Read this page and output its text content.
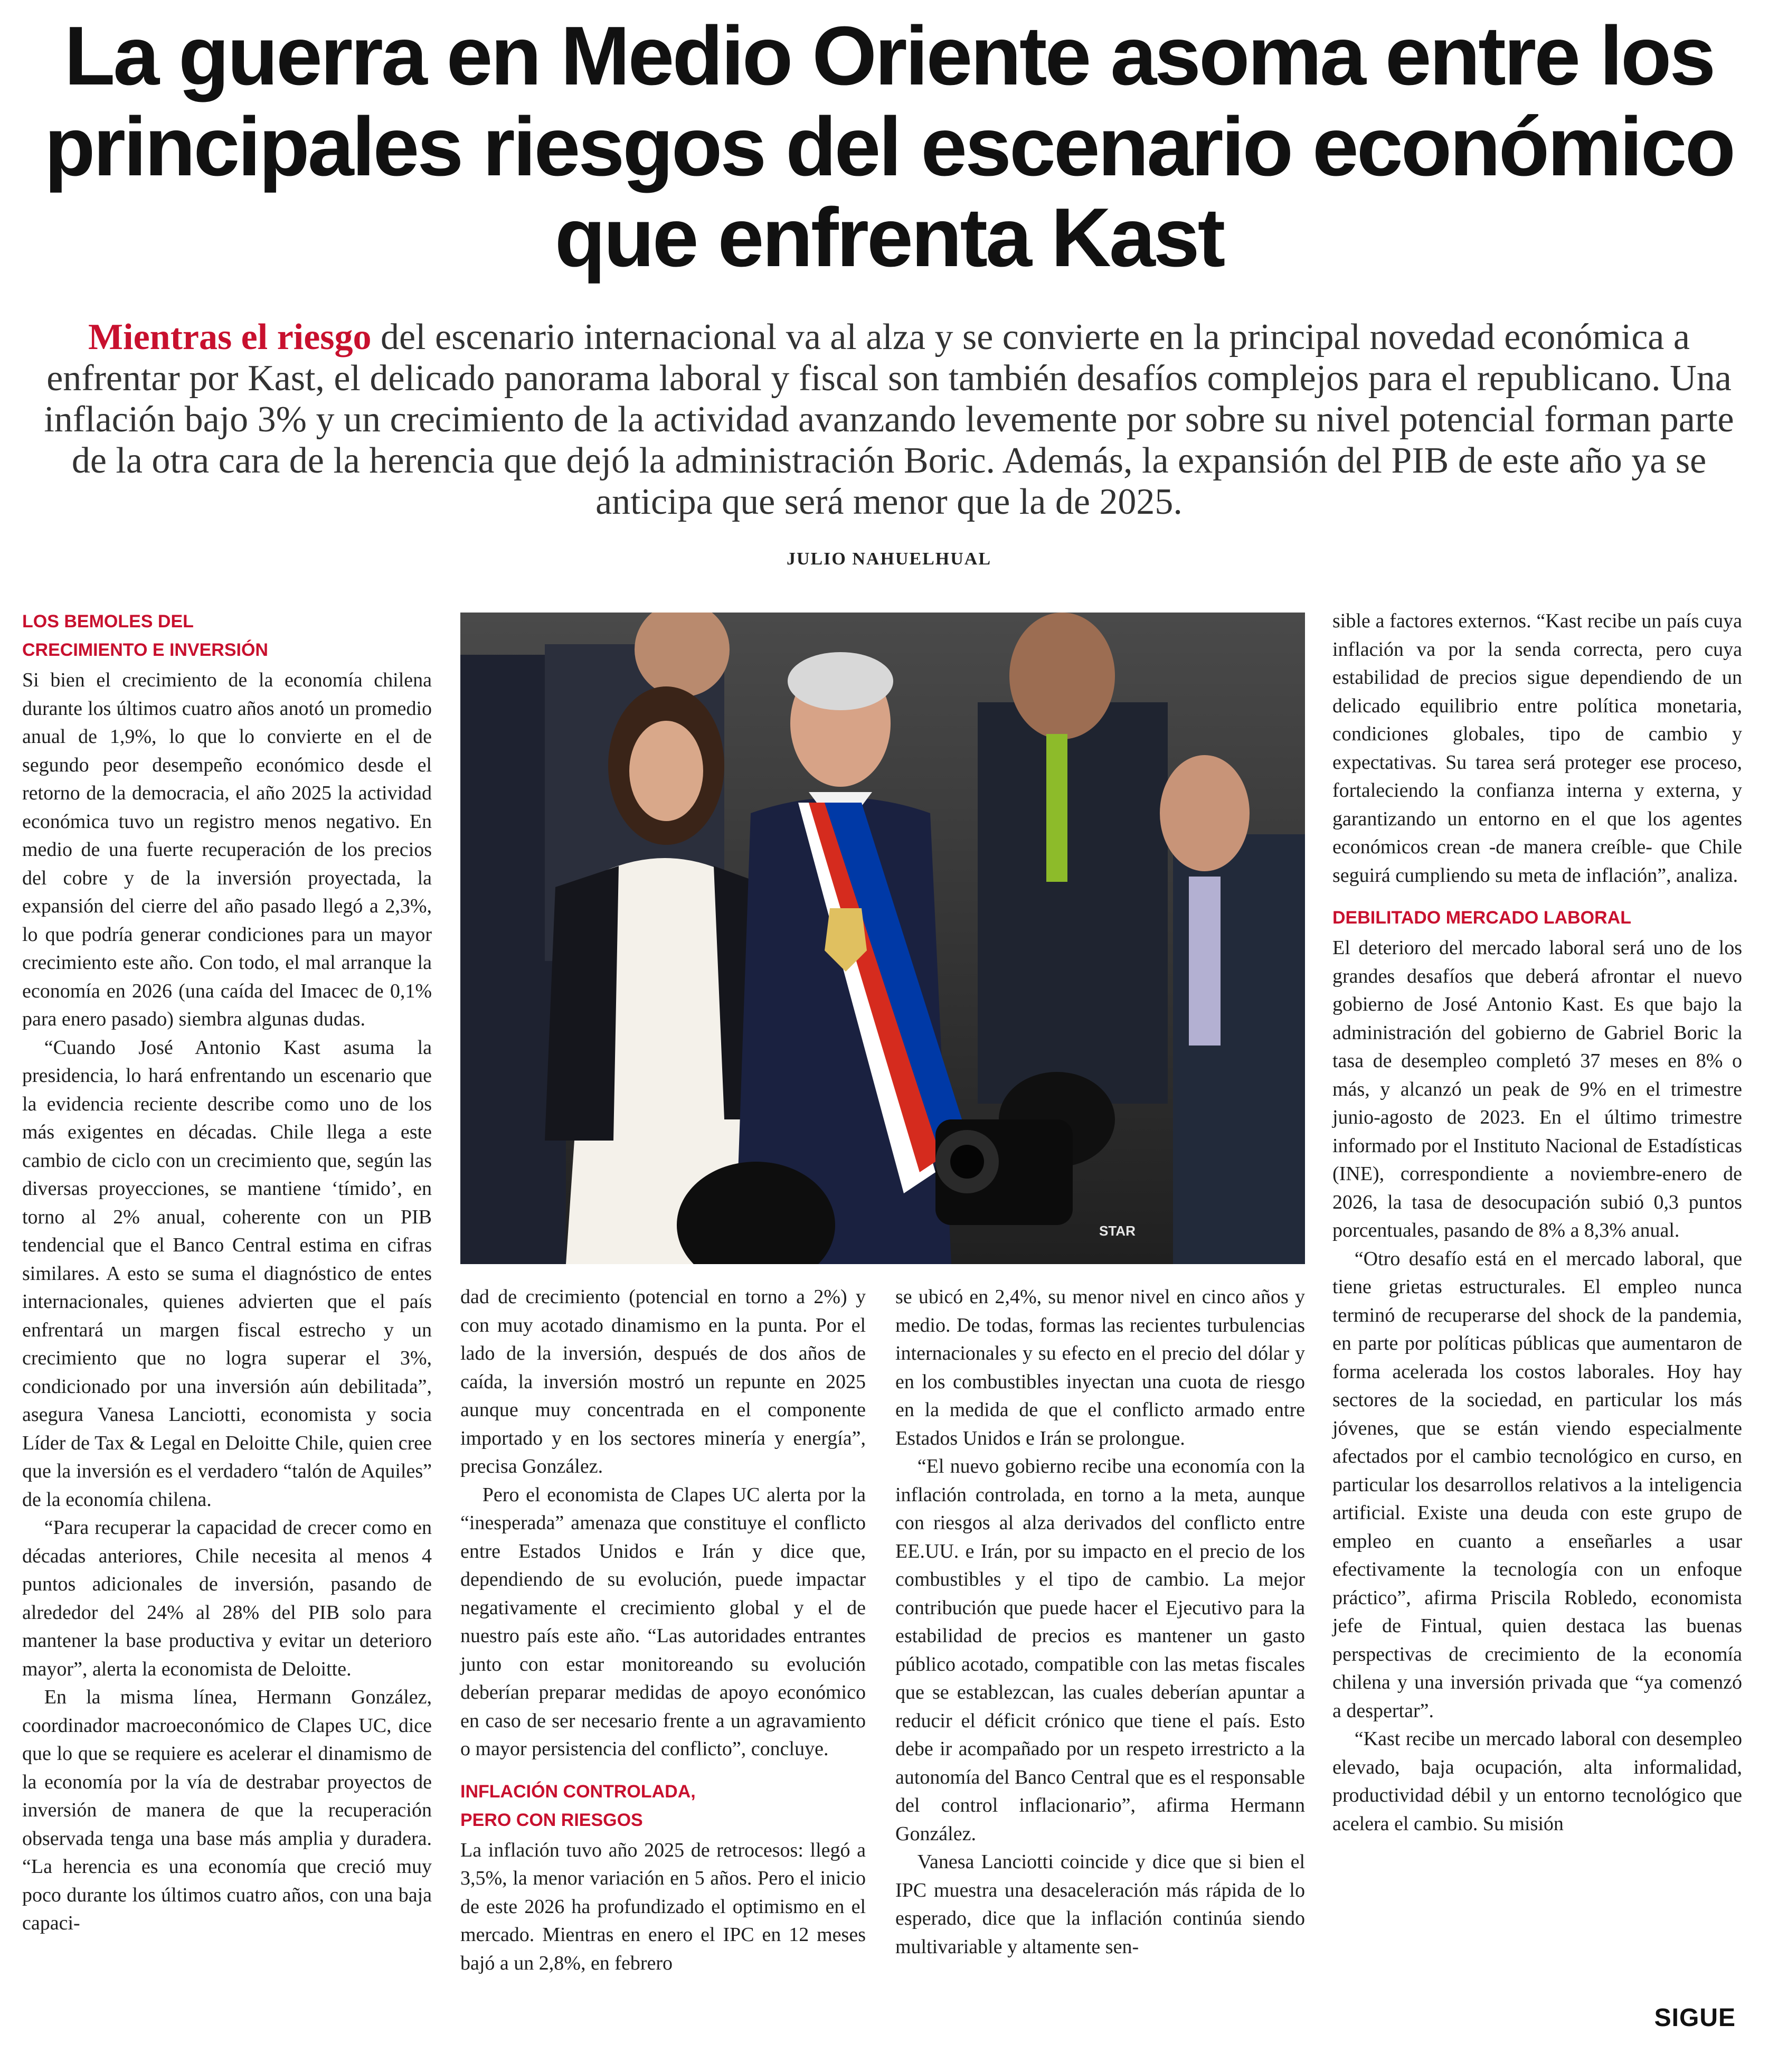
La guerra en Medio Oriente asoma entre los
principales riesgos del escenario económico
que enfrenta Kast

Mientras el riesgo del escenario internacional va al alza y se convierte en la principal novedad económica a enfrentar por Kast, el delicado panorama laboral y fiscal son también desafíos complejos para el republicano. Una inflación bajo 3% y un crecimiento de la actividad avanzando levemente por sobre su nivel potencial forman parte de la otra cara de la herencia que dejó la administración Boric. Además, la expansión del PIB de este año ya se anticipa que será menor que la de 2025.

JULIO NAHUELHUAL
LOS BEMOLES DEL
CRECIMIENTO E INVERSIÓN

Si bien el crecimiento de la economía chilena durante los últimos cuatro años anotó un promedio anual de 1,9%, lo que lo convierte en el de segundo peor desempeño económico desde el retorno de la democracia, el año 2025 la actividad económica tuvo un registro menos negativo. En medio de una fuerte recuperación de los precios del cobre y de la inversión proyectada, la expansión del cierre del año pasado llegó a 2,3%, lo que podría generar condiciones para un mayor crecimiento este año. Con todo, el mal arranque la economía en 2026 (una caída del Imacec de 0,1% para enero pasado) siembra algunas dudas.

“Cuando José Antonio Kast asuma la presidencia, lo hará enfrentando un escenario que la evidencia reciente describe como uno de los más exigentes en décadas. Chile llega a este cambio de ciclo con un crecimiento que, según las diversas proyecciones, se mantiene ‘tímido’, en torno al 2% anual, coherente con un PIB tendencial que el Banco Central estima en cifras similares. A esto se suma el diagnóstico de entes internacionales, quienes advierten que el país enfrentará un margen fiscal estrecho y un crecimiento que no logra superar el 3%, condicionado por una inversión aún debilitada”, asegura Vanesa Lanciotti, economista y socia Líder de Tax & Legal en Deloitte Chile, quien cree que la inversión es el verdadero “talón de Aquiles” de la economía chilena.

“Para recuperar la capacidad de crecer como en décadas anteriores, Chile necesita al menos 4 puntos adicionales de inversión, pasando de alrededor del 24% al 28% del PIB solo para mantener la base productiva y evitar un deterioro mayor”, alerta la economista de Deloitte.

En la misma línea, Hermann González, coordinador macroeconómico de Clapes UC, dice que lo que se requiere es acelerar el dinamismo de la economía por la vía de destrabar proyectos de inversión de manera de que la recuperación observada tenga una base más amplia y duradera. “La herencia es una economía que creció muy poco durante los últimos cuatro años, con una baja capaci-

STAR

dad de crecimiento (potencial en torno a 2%) y con muy acotado dinamismo en la punta. Por el lado de la inversión, después de dos años de caída, la inversión mostró un repunte en 2025 aunque muy concentrada en el componente importado y en los sectores minería y energía”, precisa González.

Pero el economista de Clapes UC alerta por la “inesperada” amenaza que constituye el conflicto entre Estados Unidos e Irán y dice que, dependiendo de su evolución, puede impactar negativamente el crecimiento global y el de nuestro país este año. “Las autoridades entrantes junto con estar monitoreando su evolución deberían preparar medidas de apoyo económico en caso de ser necesario frente a un agravamiento o mayor persistencia del conflicto”, concluye.

INFLACIÓN CONTROLADA,
PERO CON RIESGOS

La inflación tuvo año 2025 de retrocesos: llegó a 3,5%, la menor variación en 5 años. Pero el inicio de este 2026 ha profundizado el optimismo en el mercado. Mientras en enero el IPC en 12 meses bajó a un 2,8%, en febrero

se ubicó en 2,4%, su menor nivel en cinco años y medio. De todas, formas las recientes turbulencias internacionales y su efecto en el precio del dólar y en los combustibles inyectan una cuota de riesgo en la medida de que el conflicto armado entre Estados Unidos e Irán se prolongue.

“El nuevo gobierno recibe una economía con la inflación controlada, en torno a la meta, aunque con riesgos al alza derivados del conflicto entre EE.UU. e Irán, por su impacto en el precio de los combustibles y el tipo de cambio. La mejor contribución que puede hacer el Ejecutivo para la estabilidad de precios es mantener un gasto público acotado, compatible con las metas fiscales que se establezcan, las cuales deberían apuntar a reducir el déficit crónico que tiene el país. Esto debe ir acompañado por un respeto irrestricto a la autonomía del Banco Central que es el responsable del control inflacionario”, afirma Hermann González.

Vanesa Lanciotti coincide y dice que si bien el IPC muestra una desaceleración más rápida de lo esperado, dice que la inflación continúa siendo multivariable y altamente sen-

sible a factores externos. “Kast recibe un país cuya inflación va por la senda correcta, pero cuya estabilidad de precios sigue dependiendo de un delicado equilibrio entre política monetaria, condiciones globales, tipo de cambio y expectativas. Su tarea será proteger ese proceso, fortaleciendo la confianza interna y externa, y garantizando un entorno en el que los agentes económicos crean -de manera creíble- que Chile seguirá cumpliendo su meta de inflación”, analiza.

DEBILITADO MERCADO LABORAL

El deterioro del mercado laboral será uno de los grandes desafíos que deberá afrontar el nuevo gobierno de José Antonio Kast. Es que bajo la administración del gobierno de Gabriel Boric la tasa de desempleo completó 37 meses en 8% o más, y alcanzó un peak de 9% en el trimestre junio-agosto de 2023. En el último trimestre informado por el Instituto Nacional de Estadísticas (INE), correspondiente a noviembre-enero de 2026, la tasa de desocupación subió 0,3 puntos porcentuales, pasando de 8% a 8,3% anual.

“Otro desafío está en el mercado laboral, que tiene grietas estructurales. El empleo nunca terminó de recuperarse del shock de la pandemia, en parte por políticas públicas que aumentaron de forma acelerada los costos laborales. Hoy hay sectores de la sociedad, en particular los más jóvenes, que se están viendo especialmente afectados por el cambio tecnológico en curso, en particular los desarrollos relativos a la inteligencia artificial. Existe una deuda con este grupo de empleo en cuanto a enseñarles a usar efectivamente la tecnología con un enfoque práctico”, afirma Priscila Robledo, economista jefe de Fintual, quien destaca las buenas perspectivas de crecimiento de la economía chilena y una inversión privada que “ya comenzó a despertar”.

“Kast recibe un mercado laboral con desempleo elevado, baja ocupación, alta informalidad, productividad débil y un entorno tecnológico que acelera el cambio. Su misión

SIGUE
